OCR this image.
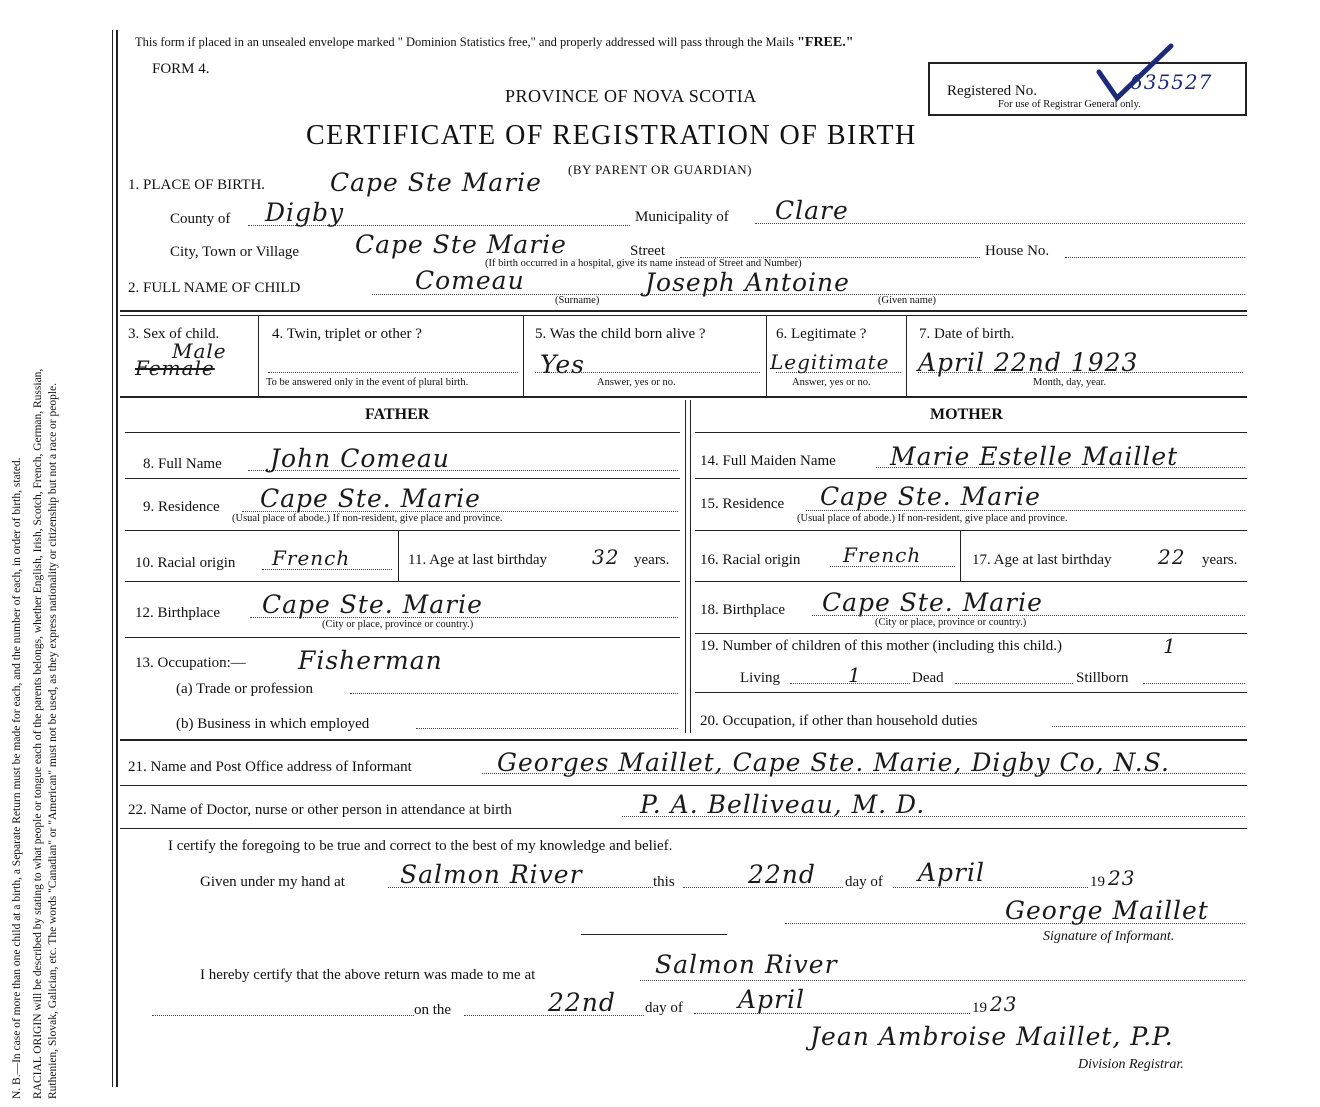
N. B.—In case of more than one child at a birth, a Separate Return must be made for each, and the number of each, in order of birth, stated. RACIAL ORIGIN will be described by stating to what people or tongue each of the parents belongs, whether English, Irish, Scotch, French, German, Russian, Ruthenien, Slovak, Galician, etc. The words "Canadian" or "American" must not be used, as they express nationality or citizenship but not a race or people.
This form if placed in an unsealed envelope marked " Dominion Statistics free," and properly addressed will pass through the Mails "FREE."
FORM 4.
PROVINCE OF NOVA SCOTIA
CERTIFICATE OF REGISTRATION OF BIRTH
(BY PARENT OR GUARDIAN)
Registered No.	635527
For use of Registrar General only.
1. PLACE OF BIRTH.	Cape Ste Marie
County of Digby	Municipality of Clare
City, Town or Village Cape Ste Marie	Street	House No.
(If birth occurred in a hospital, give its name instead of Street and Number)
2. FULL NAME OF CHILD	Comeau	Joseph Antoine
(Surname)	(Given name)
3. Sex of child.
Male
Female
4. Twin, triplet or other ?
To be answered only in the event of plural birth.
5. Was the child born alive ?
Yes
Answer, yes or no.
6. Legitimate ?
Legitimate
Answer, yes or no.
7. Date of birth.
April 22nd 1923
Month, day, year.
FATHER	MOTHER
8. Full Name John Comeau
9. Residence Cape Ste. Marie
(Usual place of abode.) If non-resident, give place and province.
10. Racial origin French	11. Age at last birthday 32 years.
12. Birthplace Cape Ste. Marie
(City or place, province or country.)
13. Occupation:— Fisherman
(a) Trade or profession
(b) Business in which employed
14. Full Maiden Name Marie Estelle Maillet
15. Residence Cape Ste. Marie
(Usual place of abode.) If non-resident, give place and province.
16. Racial origin French	17. Age at last birthday 22 years.
18. Birthplace Cape Ste. Marie
(City or place, province or country.)
19. Number of children of this mother (including this child.)	1
Living	1	Dead	Stillborn
20. Occupation, if other than household duties
21. Name and Post Office address of Informant	Georges Maillet, Cape Ste. Marie, Digby Co, N.S.
22. Name of Doctor, nurse or other person in attendance at birth	P. A. Belliveau, M. D.
I certify the foregoing to be true and correct to the best of my knowledge and belief.
Given under my hand at Salmon River	this	22nd day of April	19 23
George Maillet
Signature of Informant.
I hereby certify that the above return was made to me at	Salmon River
on the	22nd day of April	19 23
Jean Ambroise Maillet, P.P.
Division Registrar.
